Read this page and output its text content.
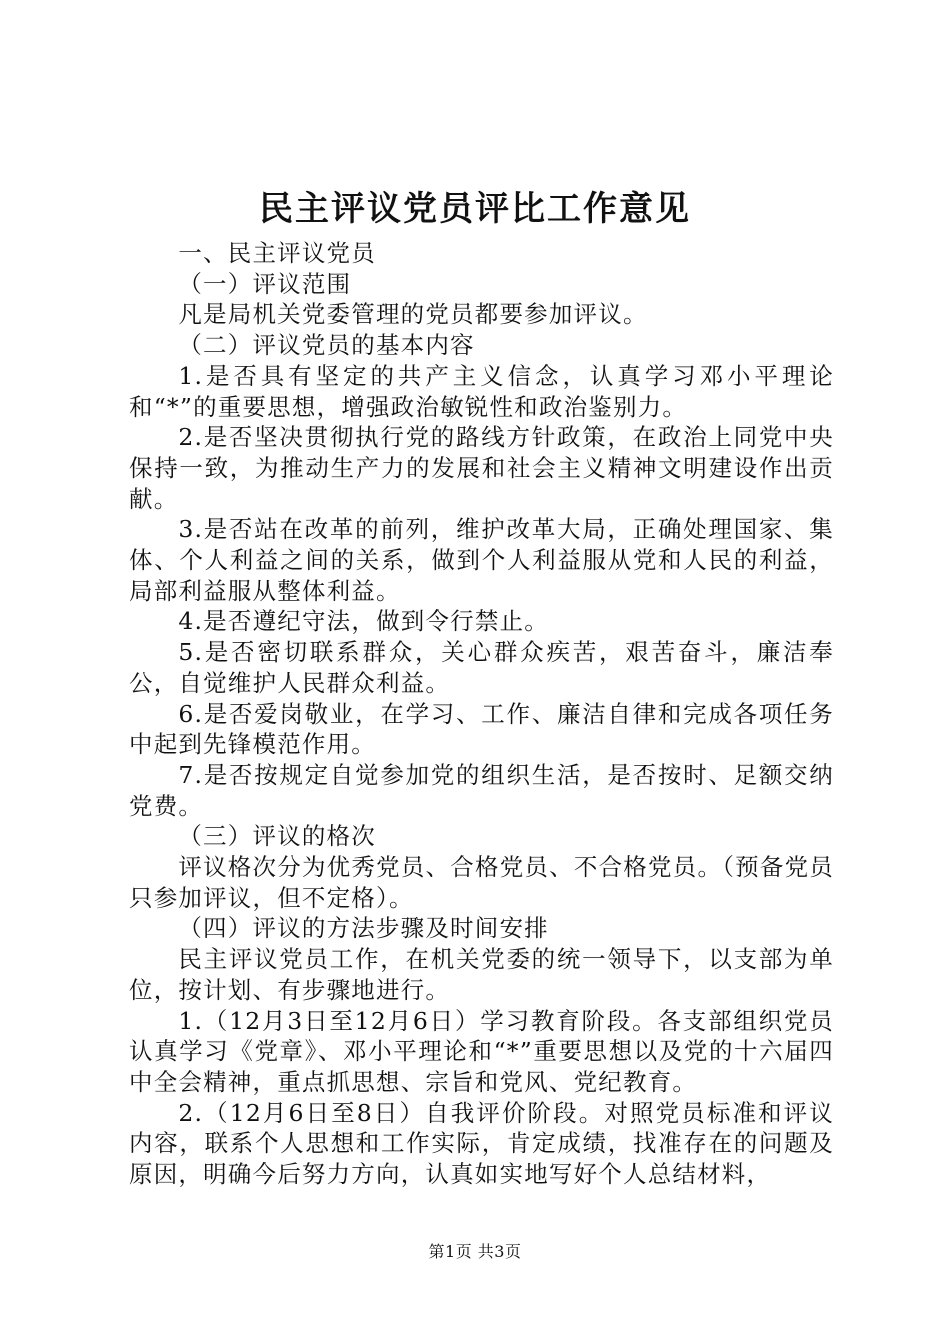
民主评议党员评比工作意见

一、民主评议党员

（一）评议范围

凡是局机关党委管理的党员都要参加评议。

（二）评议党员的基本内容

1.是否具有坚定的共产主义信念，认真学习邓小平理论和“*”的重要思想，增强政治敏锐性和政治鉴别力。

2.是否坚决贯彻执行党的路线方针政策，在政治上同党中央保持一致，为推动生产力的发展和社会主义精神文明建设作出贡献。

3.是否站在改革的前列，维护改革大局，正确处理国家、集体、个人利益之间的关系，做到个人利益服从党和人民的利益，局部利益服从整体利益。

4.是否遵纪守法，做到令行禁止。

5.是否密切联系群众，关心群众疾苦，艰苦奋斗，廉洁奉公，自觉维护人民群众利益。

6.是否爱岗敬业，在学习、工作、廉洁自律和完成各项任务中起到先锋模范作用。

7.是否按规定自觉参加党的组织生活，是否按时、足额交纳党费。

（三）评议的格次

评议格次分为优秀党员、合格党员、不合格党员。（预备党员只参加评议，但不定格）。

（四）评议的方法步骤及时间安排

民主评议党员工作，在机关党委的统一领导下，以支部为单位，按计划、有步骤地进行。

1.（12月3日至12月6日）学习教育阶段。各支部组织党员认真学习《党章》、邓小平理论和“*”重要思想以及党的十六届四中全会精神，重点抓思想、宗旨和党风、党纪教育。

2.（12月6日至8日）自我评价阶段。对照党员标准和评议内容，联系个人思想和工作实际，肯定成绩，找准存在的问题及原因，明确今后努力方向，认真如实地写好个人总结材料，

第1页 共3页
